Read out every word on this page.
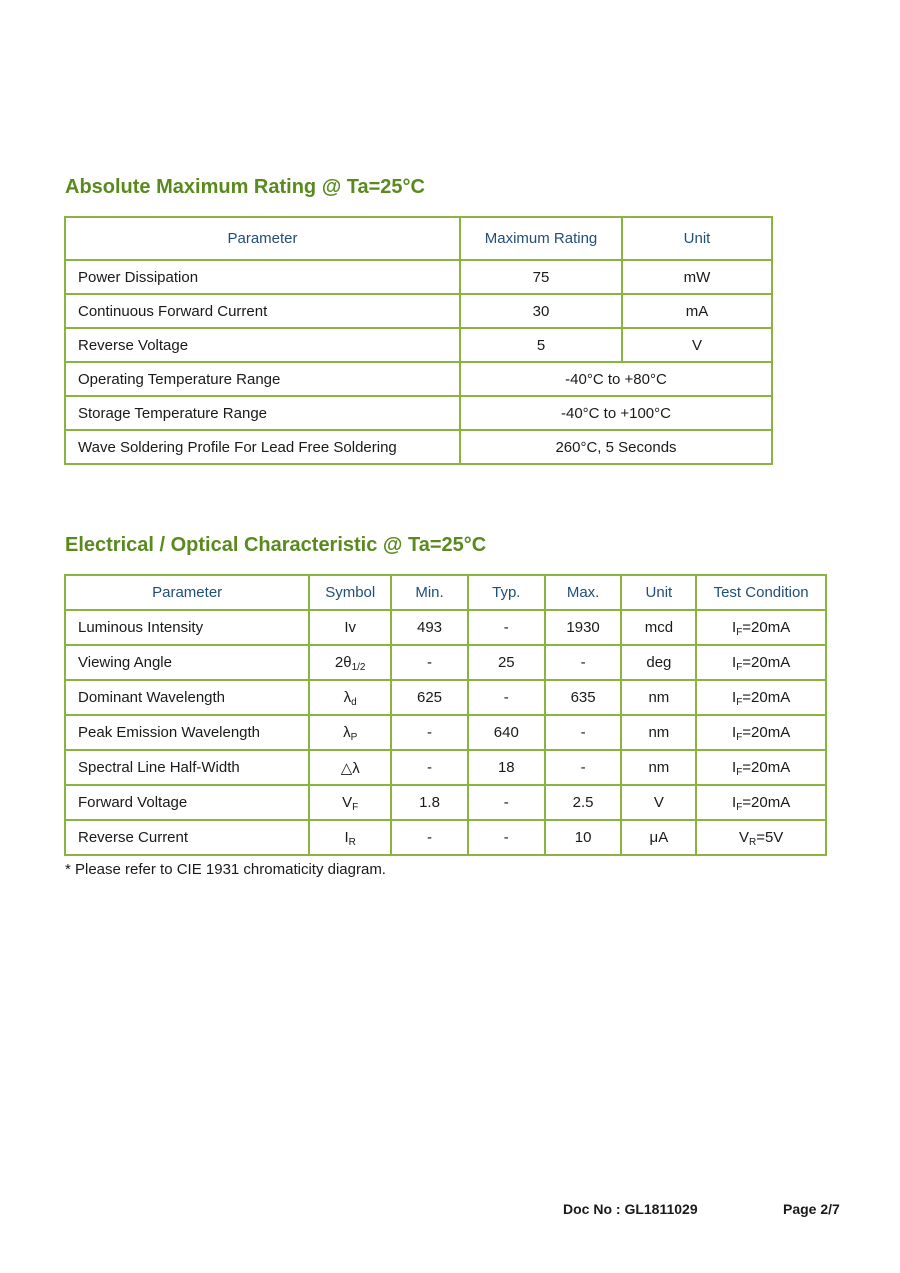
Absolute Maximum Rating @ Ta=25°C
Parameter	Maximum Rating	Unit
Power Dissipation	75	mW
Continuous Forward Current	30	mA
Reverse Voltage	5	V
Operating Temperature Range	-40°C to +80°C	
Storage Temperature Range	-40°C to +100°C	
Wave Soldering Profile For Lead Free Soldering	260°C, 5 Seconds	
Electrical / Optical Characteristic @ Ta=25°C
Parameter	Symbol	Min.	Typ.	Max.	Unit	Test Condition
Luminous Intensity	Iv	493	-	1930	mcd	$I_F=20mA$
Viewing Angle	$2\theta_{1/2}$	-	25	-	deg	$I_F=20mA$
Dominant Wavelength	$\lambda_d$	625	-	635	nm	$I_F=20mA$
Peak Emission Wavelength	$\lambda_P$	-	640	-	nm	$I_F=20mA$
Spectral Line Half-Width	△λ	-	18	-	nm	$I_F=20mA$
Forward Voltage	$V_F$	1.8	-	2.5	V	$I_F=20mA$
Reverse Current	$I_R$	-	-	10	μA	$V_R=5V$

* Please refer to CIE 1931 chromaticity diagram.

Doc No : GL1811029	Page 2/7
